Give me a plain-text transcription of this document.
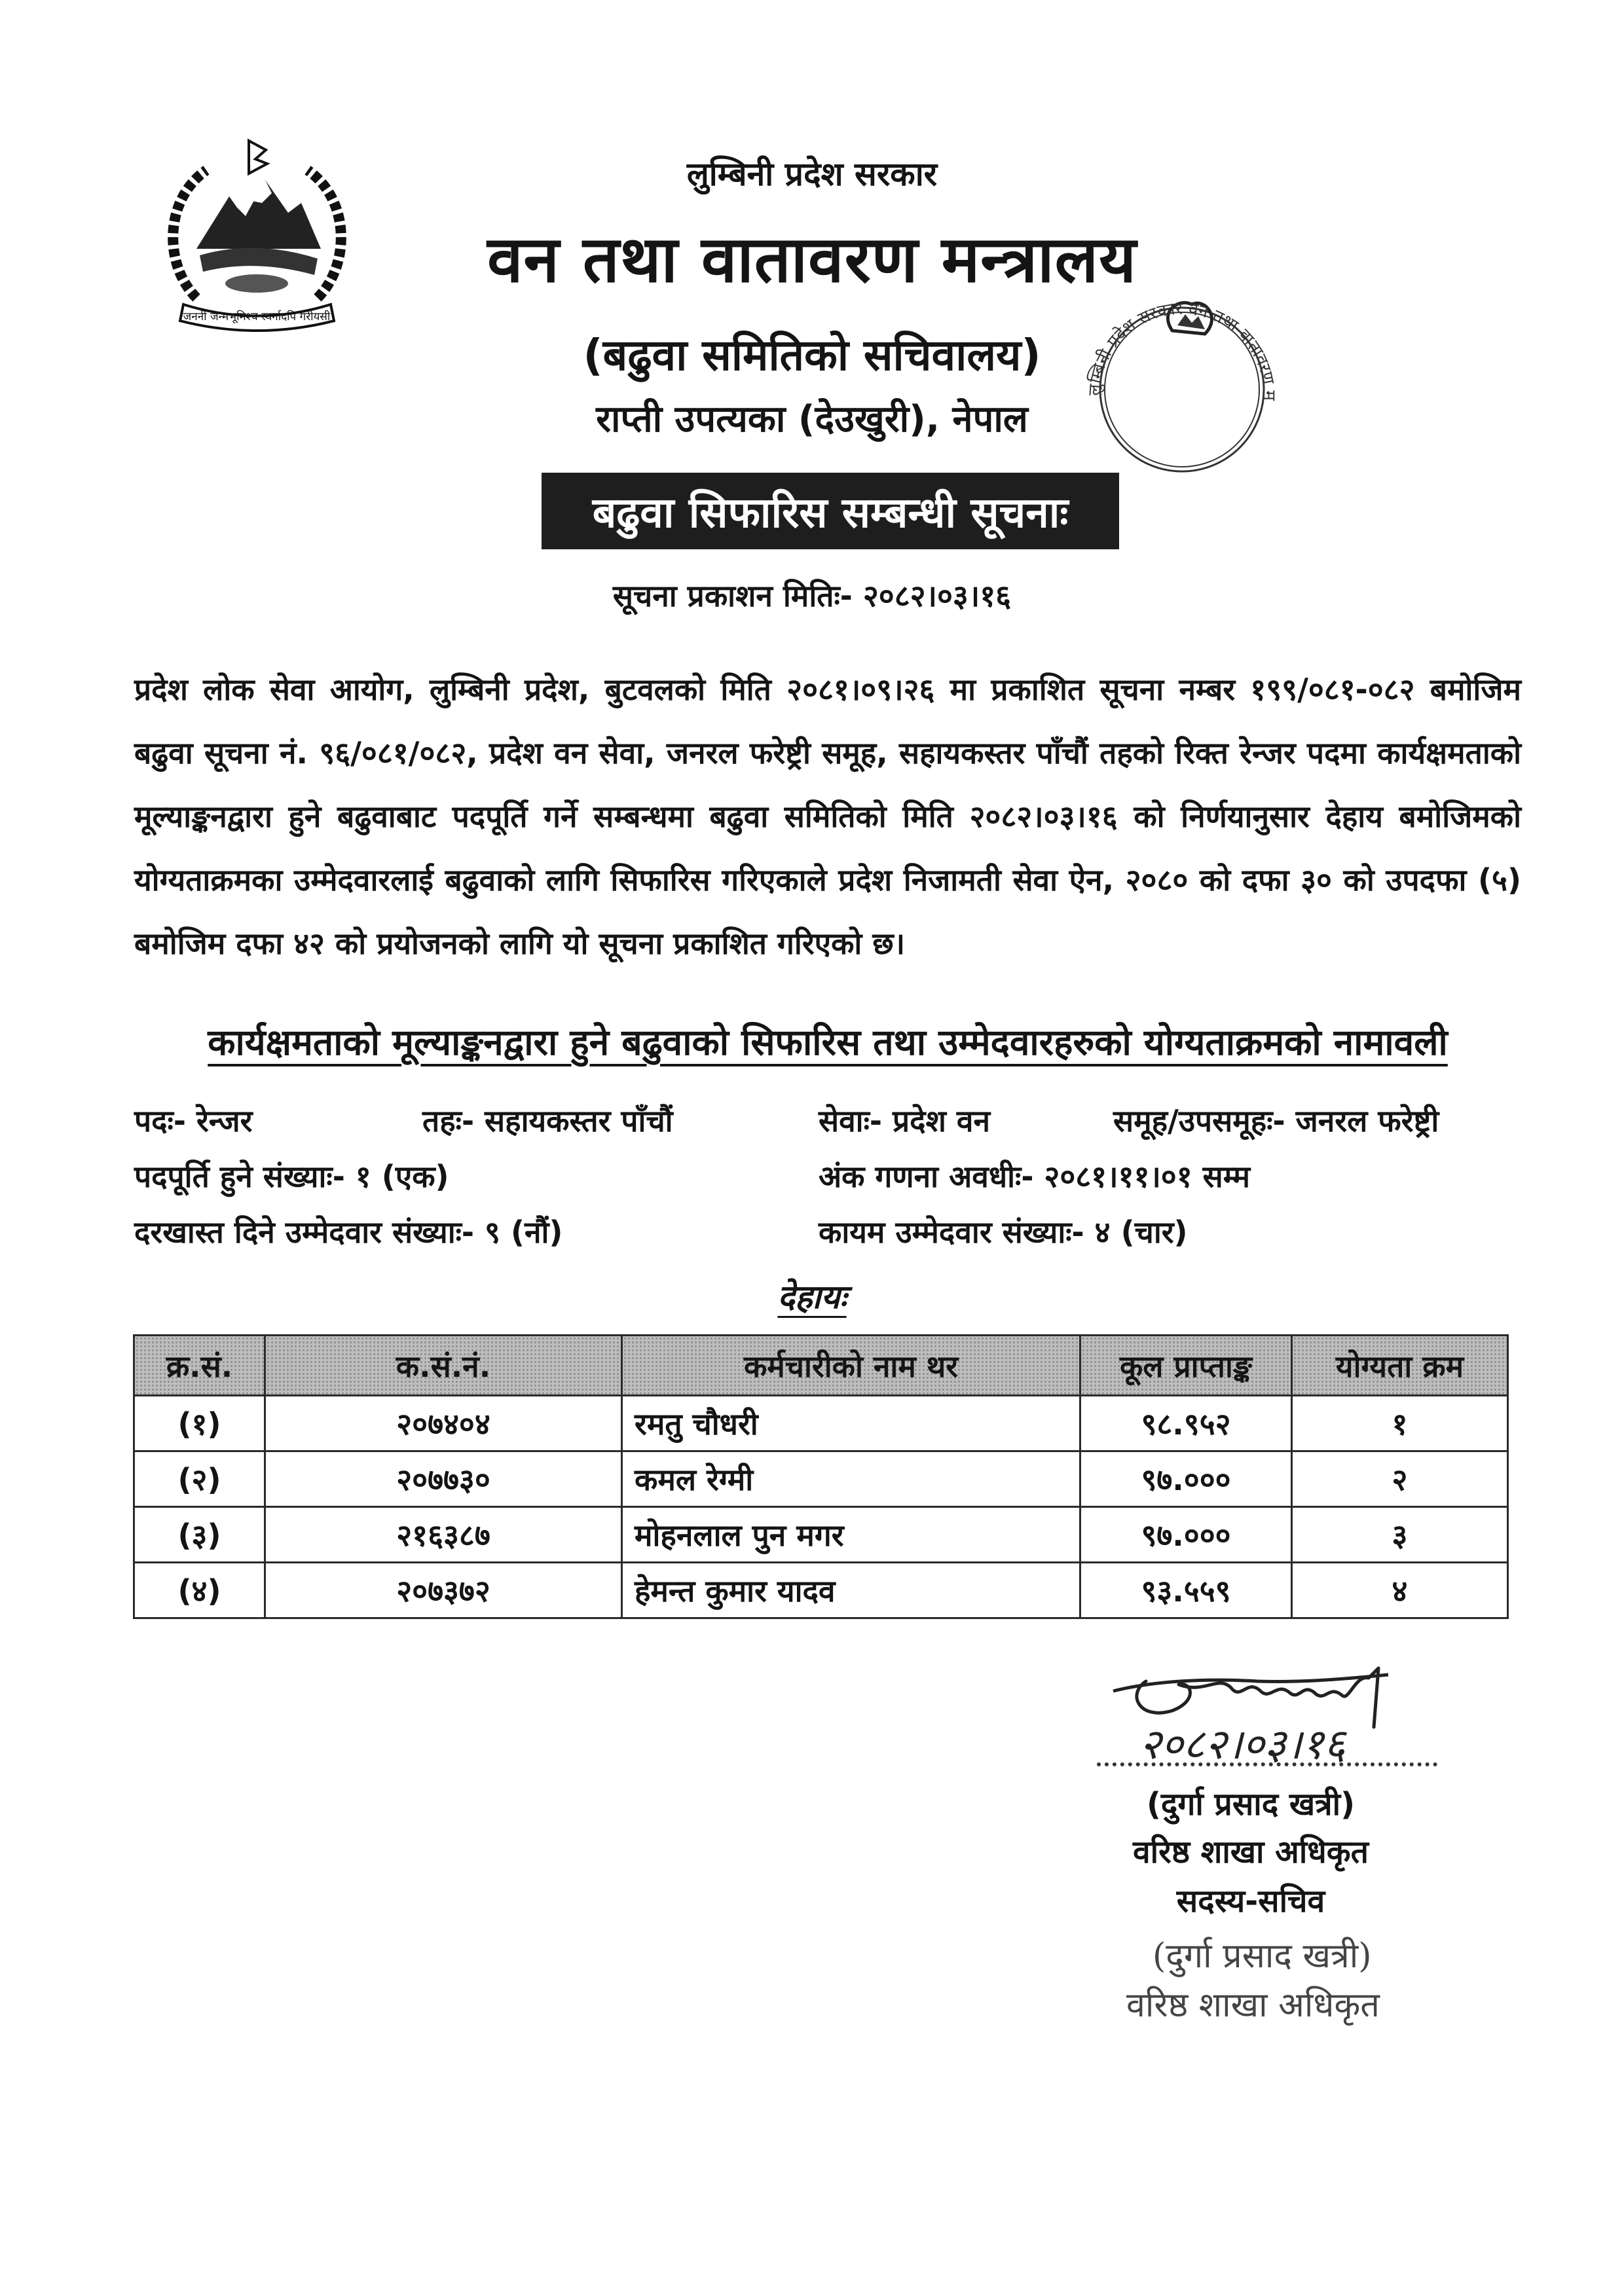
जननी जन्मभूमिश्च स्वर्गादपि गरीयसी
लुम्बिनी प्रदेश सरकार
वन तथा वातावरण मन्त्रालय
(बढुवा समितिको सचिवालय)
राप्ती उपत्यका (देउखुरी), नेपाल
लुम्बिनी प्रदेश सरकार वन तथा वातावरण म
बढुवा सिफारिस सम्बन्धी सूचनाः
सूचना प्रकाशन मितिः- २०८२।०३।१६
प्रदेश लोक सेवा आयोग, लुम्बिनी प्रदेश, बुटवलको मिति २०८१।०९।२६ मा प्रकाशित सूचना नम्बर १९९/०८१-०८२ बमोजिम बढुवा सूचना नं. ९६/०८१/०८२, प्रदेश वन सेवा, जनरल फरेष्ट्री समूह, सहायकस्तर पाँचौं तहको रिक्त रेन्जर पदमा कार्यक्षमताको मूल्याङ्कनद्वारा हुने बढुवाबाट पदपूर्ति गर्ने सम्बन्धमा बढुवा समितिको मिति २०८२।०३।१६ को निर्णयानुसार देहाय बमोजिमको योग्यताक्रमका उम्मेदवारलाई बढुवाको लागि सिफारिस गरिएकाले प्रदेश निजामती सेवा ऐन, २०८० को दफा ३० को उपदफा (५) बमोजिम दफा ४२ को प्रयोजनको लागि यो सूचना प्रकाशित गरिएको छ।
कार्यक्षमताको मूल्याङ्कनद्वारा हुने बढुवाको सिफारिस तथा उम्मेदवारहरुको योग्यताक्रमको नामावली
पदः- रेन्जर	तहः- सहायकस्तर पाँचौं	सेवाः- प्रदेश वन	समूह/उपसमूहः- जनरल फरेष्ट्री
पदपूर्ति हुने संख्याः- १ (एक)	अंक गणना अवधीः- २०८१।११।०१ सम्म
दरखास्त दिने उम्मेदवार संख्याः- ९ (नौं)	कायम उम्मेदवार संख्याः- ४ (चार)
देहायः
क्र.सं.	क.सं.नं.	कर्मचारीको नाम थर	कूल प्राप्ताङ्क	योग्यता क्रम
(१)	२०७४०४	रमतु चौधरी	९८.९५२	१
(२)	२०७७३०	कमल रेग्मी	९७.०००	२
(३)	२१६३८७	मोहनलाल पुन मगर	९७.०००	३
(४)	२०७३७२	हेमन्त कुमार यादव	९३.५५९	४
२०८२।०३।१६
(दुर्गा प्रसाद खत्री)
वरिष्ठ शाखा अधिकृत
सदस्य-सचिव
(दुर्गा प्रसाद खत्री)
वरिष्ठ शाखा अधिकृत
